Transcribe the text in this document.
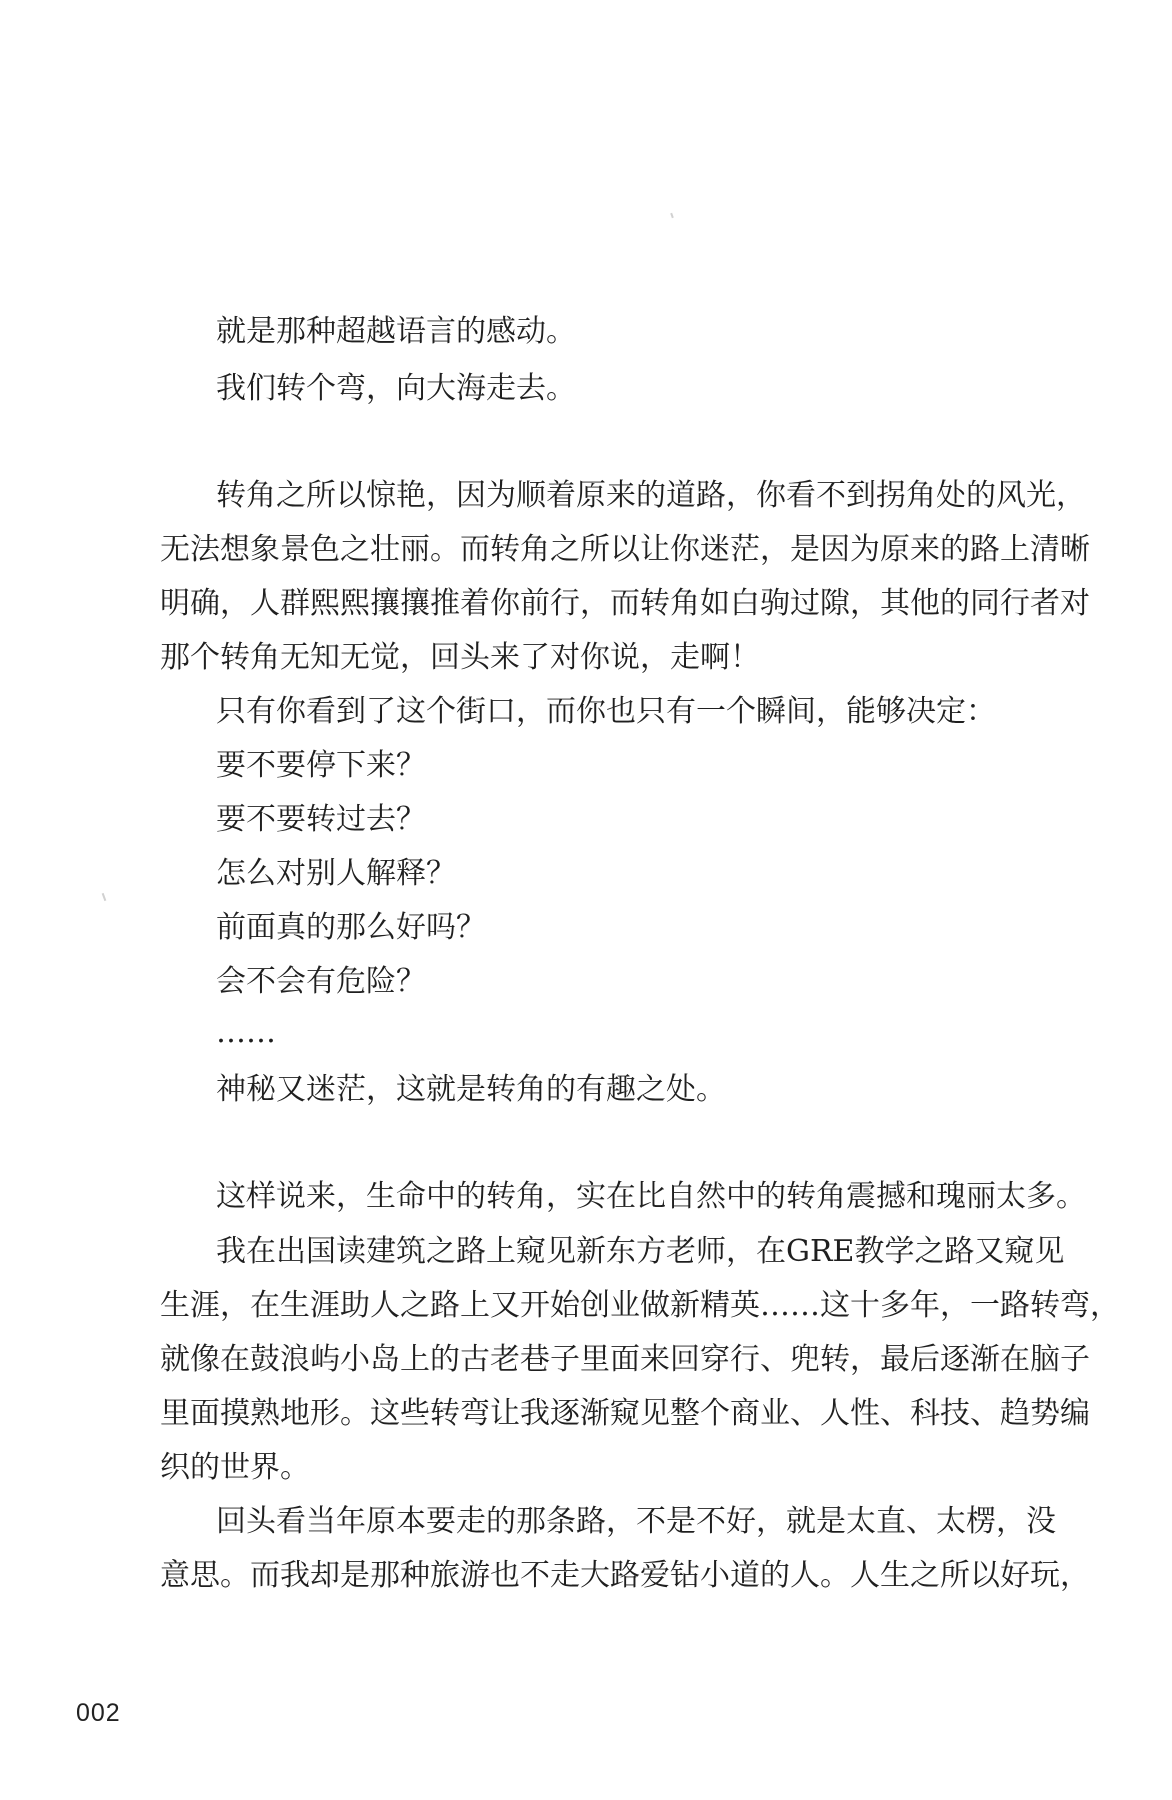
就是那种超越语言的感动。
我们转个弯，向大海走去。
转角之所以惊艳，因为顺着原来的道路，你看不到拐角处的风光，
无法想象景色之壮丽。而转角之所以让你迷茫，是因为原来的路上清晰
明确，人群熙熙攘攘推着你前行，而转角如白驹过隙，其他的同行者对
那个转角无知无觉，回头来了对你说，走啊！
只有你看到了这个街口，而你也只有一个瞬间，能够决定：
要不要停下来？
要不要转过去？
怎么对别人解释？
前面真的那么好吗？
会不会有危险？
……
神秘又迷茫，这就是转角的有趣之处。
这样说来，生命中的转角，实在比自然中的转角震撼和瑰丽太多。
我在出国读建筑之路上窥见新东方老师，在GRE教学之路又窥见
生涯，在生涯助人之路上又开始创业做新精英……这十多年，一路转弯，
就像在鼓浪屿小岛上的古老巷子里面来回穿行、兜转，最后逐渐在脑子
里面摸熟地形。这些转弯让我逐渐窥见整个商业、人性、科技、趋势编
织的世界。
回头看当年原本要走的那条路，不是不好，就是太直、太楞，没
意思。而我却是那种旅游也不走大路爱钻小道的人。人生之所以好玩，
002
